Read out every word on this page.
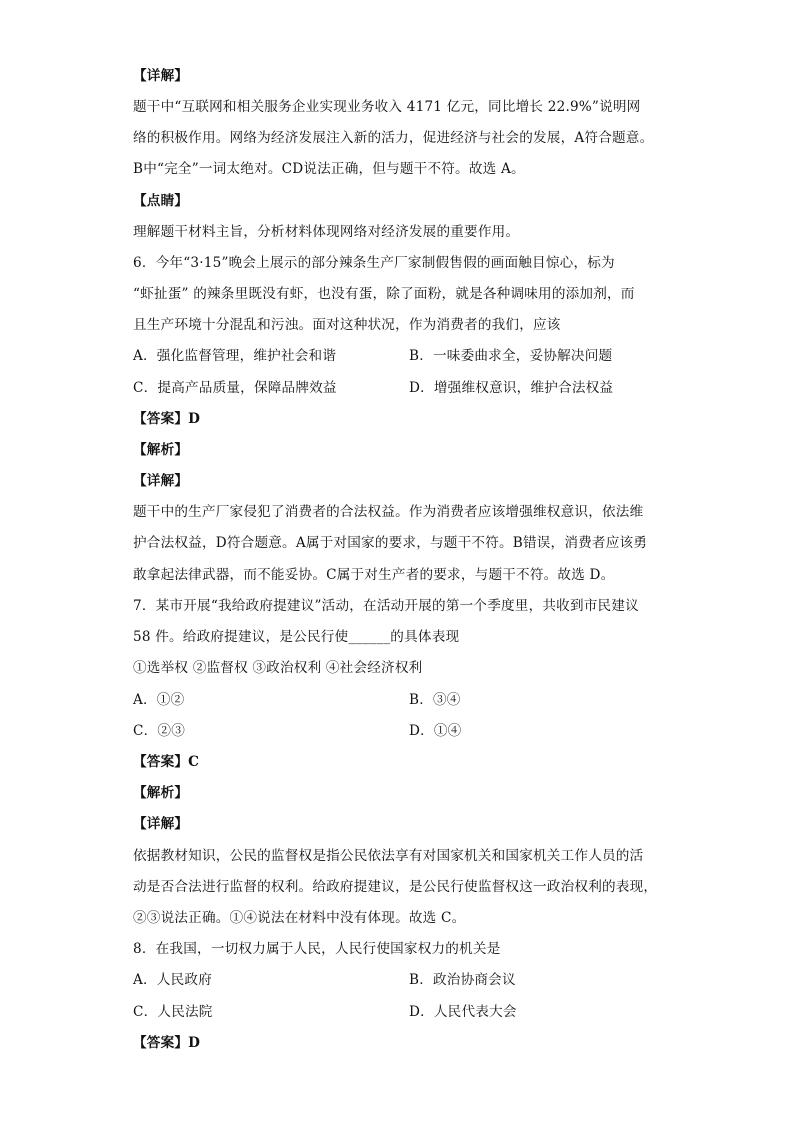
【详解】
题干中“互联网和相关服务企业实现业务收入 4171 亿元，同比增长 22.9%”说明网
络的积极作用。网络为经济发展注入新的活力，促进经济与社会的发展，A符合题意。
B中“完全”一词太绝对。CD说法正确，但与题干不符。故选 A。
【点睛】
理解题干材料主旨，分析材料体现网络对经济发展的重要作用。
6．今年“3·15”晚会上展示的部分辣条生产厂家制假售假的画面触目惊心，标为
“虾扯蛋” 的辣条里既没有虾，也没有蛋，除了面粉，就是各种调味用的添加剂，而
且生产环境十分混乱和污浊。面对这种状况，作为消费者的我们，应该
A．强化监督管理，维护社会和谐	B．一味委曲求全，妥协解决问题
C．提高产品质量，保障品牌效益	D．增强维权意识，维护合法权益
【答案】D
【解析】
【详解】
题干中的生产厂家侵犯了消费者的合法权益。作为消费者应该增强维权意识，依法维
护合法权益，D符合题意。A属于对国家的要求，与题干不符。B错误，消费者应该勇
敢拿起法律武器，而不能妥协。C属于对生产者的要求，与题干不符。故选 D。
7．某市开展“我给政府提建议”活动，在活动开展的第一个季度里，共收到市民建议
58 件。给政府提建议，是公民行使______的具体表现
①选举权 ②监督权 ③政治权利 ④社会经济权利
A．①②	B．③④
C．②③	D．①④
【答案】C
【解析】
【详解】
依据教材知识，公民的监督权是指公民依法享有对国家机关和国家机关工作人员的活
动是否合法进行监督的权利。给政府提建议，是公民行使监督权这一政治权利的表现，
②③说法正确。①④说法在材料中没有体现。故选 C。
8．在我国，一切权力属于人民，人民行使国家权力的机关是
A．人民政府	B．政治协商会议
C．人民法院	D．人民代表大会
【答案】D
